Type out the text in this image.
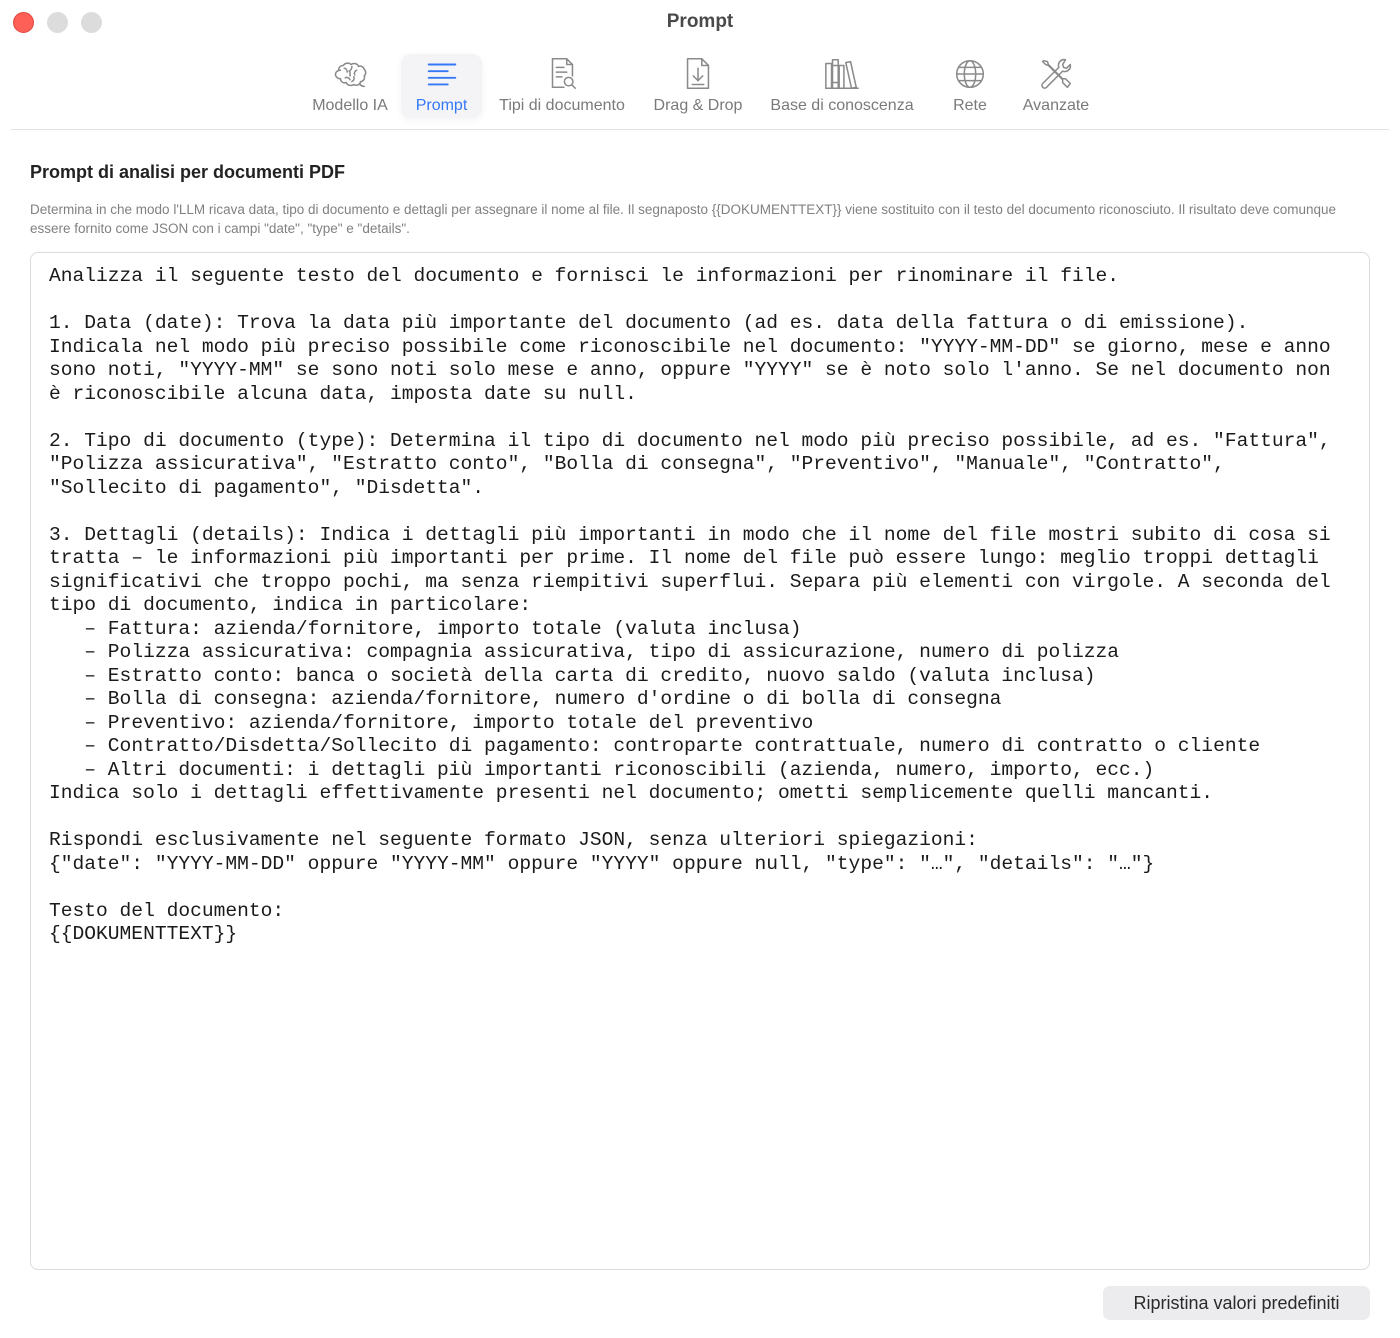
Prompt
Modello IA Prompt Tipi di documento Drag & Drop Base di conoscenza Rete Avanzate
Prompt di analisi per documenti PDF
Determina in che modo l'LLM ricava data, tipo di documento e dettagli per assegnare il nome al file. Il segnaposto {{DOKUMENTTEXT}} viene sostituito con il testo del documento riconosciuto. Il risultato deve comunque essere fornito come JSON con i campi "date", "type" e "details".
Analizza il seguente testo del documento e fornisci le informazioni per rinominare il file. 1. Data (date): Trova la data più importante del documento (ad es. data della fattura o di emissione). Indicala nel modo più preciso possibile come riconoscibile nel documento: "YYYY-MM-DD" se giorno, mese e anno sono noti, "YYYY-MM" se sono noti solo mese e anno, oppure "YYYY" se è noto solo l'anno. Se nel documento non è riconoscibile alcuna data, imposta date su null. 2. Tipo di documento (type): Determina il tipo di documento nel modo più preciso possibile, ad es. "Fattura", "Polizza assicurativa", "Estratto conto", "Bolla di consegna", "Preventivo", "Manuale", "Contratto", "Sollecito di pagamento", "Disdetta". 3. Dettagli (details): Indica i dettagli più importanti in modo che il nome del file mostri subito di cosa si tratta – le informazioni più importanti per prime. Il nome del file può essere lungo: meglio troppi dettagli significativi che troppo pochi, ma senza riempitivi superflui. Separa più elementi con virgole. A seconda del tipo di documento, indica in particolare: – Fattura: azienda/fornitore, importo totale (valuta inclusa) – Polizza assicurativa: compagnia assicurativa, tipo di assicurazione, numero di polizza – Estratto conto: banca o società della carta di credito, nuovo saldo (valuta inclusa) – Bolla di consegna: azienda/fornitore, numero d'ordine o di bolla di consegna – Preventivo: azienda/fornitore, importo totale del preventivo – Contratto/Disdetta/Sollecito di pagamento: controparte contrattuale, numero di contratto o cliente – Altri documenti: i dettagli più importanti riconoscibili (azienda, numero, importo, ecc.) Indica solo i dettagli effettivamente presenti nel documento; ometti semplicemente quelli mancanti. Rispondi esclusivamente nel seguente formato JSON, senza ulteriori spiegazioni: {"date": "YYYY-MM-DD" oppure "YYYY-MM" oppure "YYYY" oppure null, "type": "…", "details": "…"} Testo del documento: {{DOKUMENTTEXT}}
Ripristina valori predefiniti
